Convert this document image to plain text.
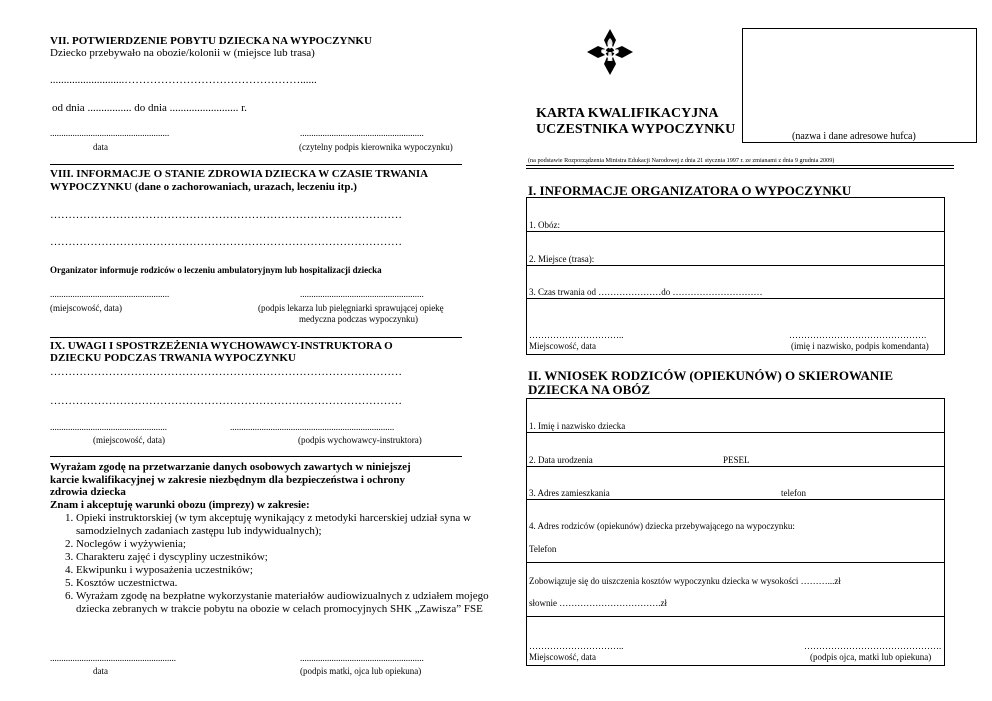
VII. POTWIERDZENIE POBYTU DZIECKA NA WYPOCZYNKU
Dziecko przebywało na obozie/kolonii w (miejsce lub trasa)
...........................…………………………………………......
od dnia ................ do dnia ......................... r.
.....................................................	.......................................................
data	(czytelny podpis kierownika wypoczynku)
VIII. INFORMACJE O STANIE ZDROWIA DZIECKA W CZASIE TRWANIA
WYPOCZYNKU (dane o zachorowaniach, urazach, leczeniu itp.)
……………………………………………………………………………………
……………………………………………………………………………………
Organizator informuje rodziców o leczeniu ambulatoryjnym lub hospitalizacji dziecka
.....................................................	.......................................................
(miejscowość, data)	(podpis lekarza lub pielęgniarki sprawującej opiekę
medyczna podczas wypoczynku)
IX. UWAGI I SPOSTRZEŻENIA WYCHOWAWCY-INSTRUKTORA O
DZIECKU PODCZAS TRWANIA WYPOCZYNKU
……………………………………………………………………………………
……………………………………………………………………………………
....................................................	.........................................................................
(miejscowość, data)	(podpis wychowawcy-instruktora)
Wyrażam zgodę na przetwarzanie danych osobowych zawartych w niniejszej
karcie kwalifikacyjnej w zakresie niezbędnym dla bezpieczeństwa i ochrony
zdrowia dziecka
Znam i akceptuję warunki obozu (imprezy) w zakresie:
1. Opieki instruktorskiej (w tym akceptuję wynikający z metodyki harcerskiej udział syna w samodzielnych zadaniach zastępu lub indywidualnych);
2. Noclegów i wyżywienia;
3. Charakteru zajęć i dyscypliny uczestników;
4. Ekwipunku i wyposażenia uczestników;
5. Kosztów uczestnictwa.
6. Wyrażam zgodę na bezpłatne wykorzystanie materiałów audiowizualnych z udziałem mojego dziecka zebranych w trakcie pobytu na obozie w celach promocyjnych SHK „Zawisza” FSE
........................................................	.......................................................
data	(podpis matki, ojca lub opiekuna)
KARTA KWALIFIKACYJNA
UCZESTNIKA WYPOCZYNKU	(nazwa i dane adresowe hufca)
(na podstawie Rozporządzenia Ministra Edukacji Narodowej z dnia 21 stycznia 1997 r. ze zmianami z dnia 9 grudnia 2009)
I. INFORMACJE ORGANIZATORA O WYPOCZYNKU
1. Obóz:
2. Miejsce (trasa):
3. Czas trwania od …………………do …………………………
…………………………..	……………………………………….
Miejscowość, data	(imię i nazwisko, podpis komendanta)
II. WNIOSEK RODZICÓW (OPIEKUNÓW) O SKIEROWANIE
DZIECKA NA OBÓZ
1. Imię i nazwisko dziecka
2. Data urodzenia	PESEL
3. Adres zamieszkania	telefon
4. Adres rodziców (opiekunów) dziecka przebywającego na wypoczynku:
Telefon
Zobowiązuje się do uiszczenia kosztów wypoczynku dziecka w wysokości ………...zł
słownie …………………………….zł
…………………………..	……………………………………….
Miejscowość, data	(podpis ojca, matki lub opiekuna)
